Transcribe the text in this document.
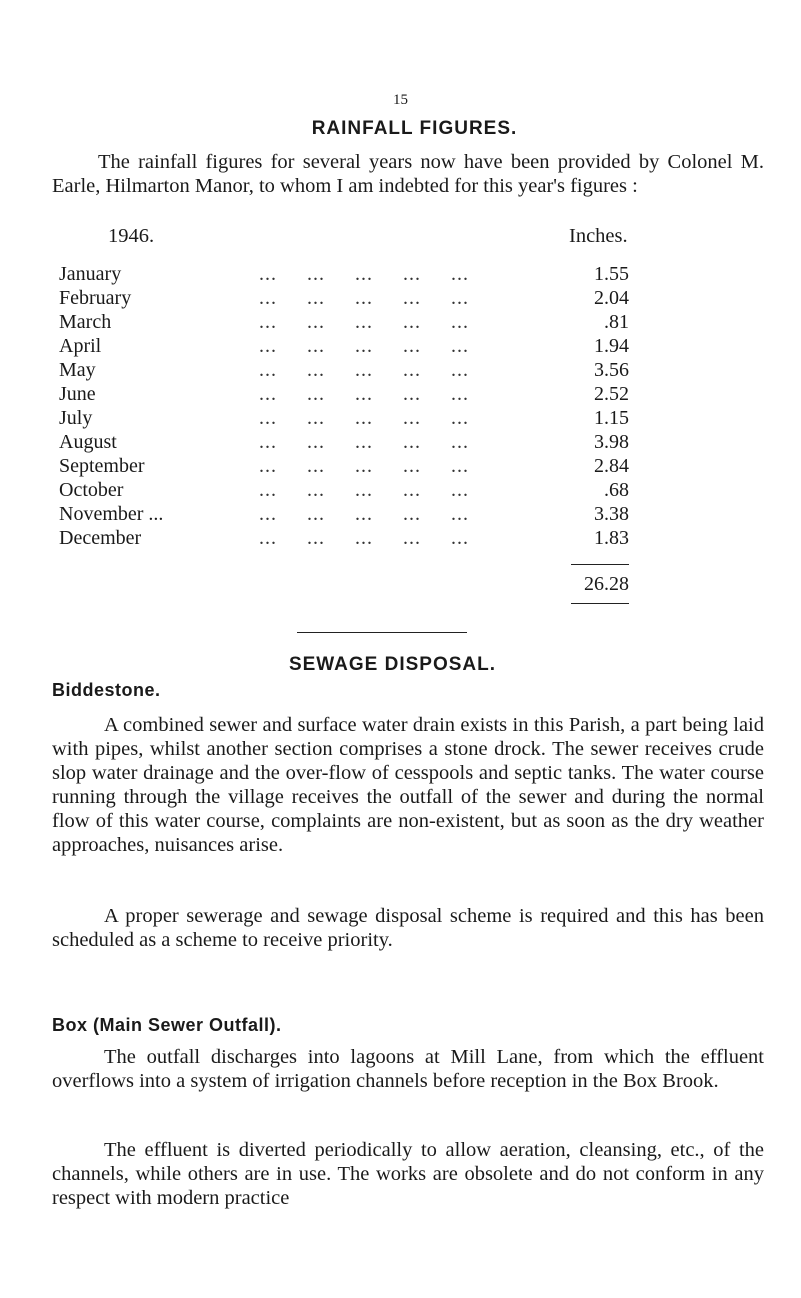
15
RAINFALL FIGURES.

The rainfall figures for several years now have been provided by Colonel M. Earle, Hilmarton Manor, to whom I am indebted for this year's figures :

1946.	Inches.
January	...     ...     ...     ...     ...	1.55
February	...     ...     ...     ...     ...	2.04
March	...     ...     ...     ...     ...	.81
April	...     ...     ...     ...     ...	1.94
May	...     ...     ...     ...     ...	3.56
June	...     ...     ...     ...     ...	2.52
July	...     ...     ...     ...     ...	1.15
August	...     ...     ...     ...     ...	3.98
September	...     ...     ...     ...     ...	2.84
October	...     ...     ...     ...     ...	.68
November ...	...     ...     ...     ...     ...	3.38
December	...     ...     ...     ...     ...	1.83
26.28
SEWAGE DISPOSAL.
Biddestone.

A combined sewer and surface water drain exists in this Parish, a part being laid with pipes, whilst another section comprises a stone drock. The sewer receives crude slop water drainage and the over-flow of cesspools and septic tanks. The water course running through the village receives the outfall of the sewer and during the normal flow of this water course, complaints are non-existent, but as soon as the dry weather approaches, nuisances arise.

A proper sewerage and sewage disposal scheme is required and this has been scheduled as a scheme to receive priority.

Box (Main Sewer Outfall).

The outfall discharges into lagoons at Mill Lane, from which the effluent overflows into a system of irrigation channels before reception in the Box Brook.

The effluent is diverted periodically to allow aeration, cleansing, etc., of the channels, while others are in use. The works are obsolete and do not conform in any respect with modern practice
